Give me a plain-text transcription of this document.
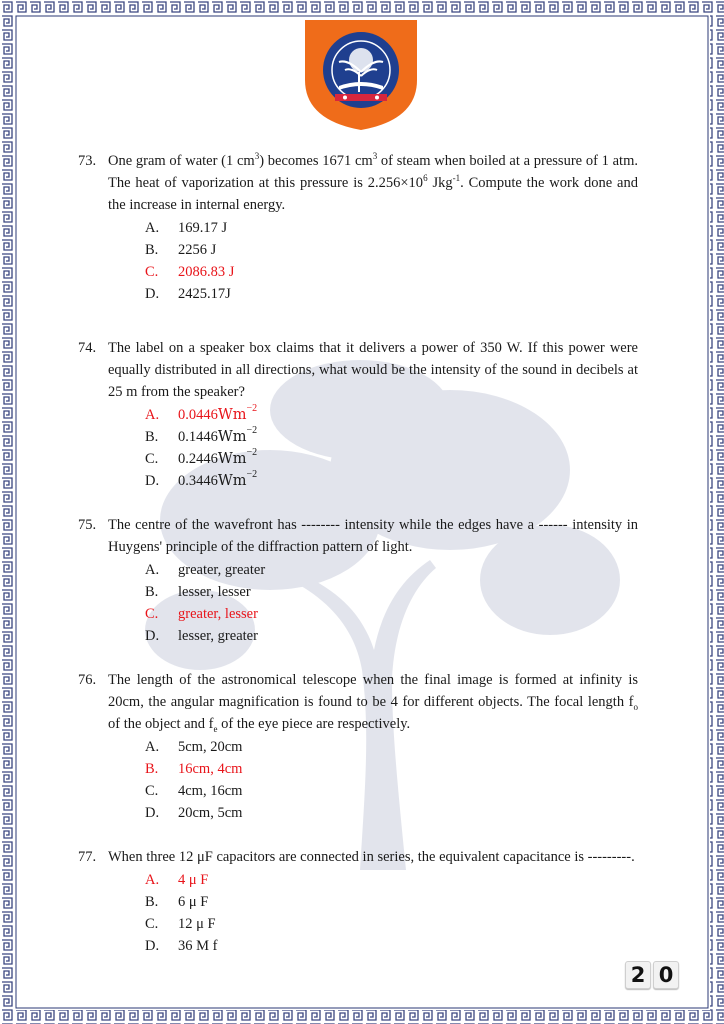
73. One gram of water (1 $cm^3$) becomes 1671 $cm^3$ of steam when boiled at a pressure of 1 atm. The heat of vaporization at this pressure is $2.256\times 10^6$ Jkg$^{-1}$. Compute the work done and the increase in internal energy.
A.	169.17 J
B.	2256 J
C.	2086.83 J
D.	2425.17J
74. The label on a speaker box claims that it delivers a power of 350 W. If this power were equally distributed in all directions, what would be the intensity of the sound in decibels at 25 m from the speaker?
A.	0.0446 Wm −2
B.	0.1446 Wm −2
C.	0.2446 Wm −2
D.	0.3446 Wm −2
75. The centre of the wavefront has -------- intensity while the edges have a ------ intensity in Huygens' principle of the diffraction pattern of light.
A.	greater, greater
B.	lesser, lesser
C.	greater, lesser
D.	lesser, greater
76. The length of the astronomical telescope when the final image is formed at infinity is 20cm, the angular magnification is found to be 4 for different objects. The focal length $f_o$ of the object and $f_e$ of the eye piece are respectively.
A.	5cm, 20cm
B.	16cm, 4cm
C.	4cm, 16cm
D.	20cm, 5cm
77. When three 12 μF capacitors are connected in series, the equivalent capacitance is ---------.
A.	4 μ F
B.	6 μ F
C.	12 μ F
D.	36 M f
2 0
